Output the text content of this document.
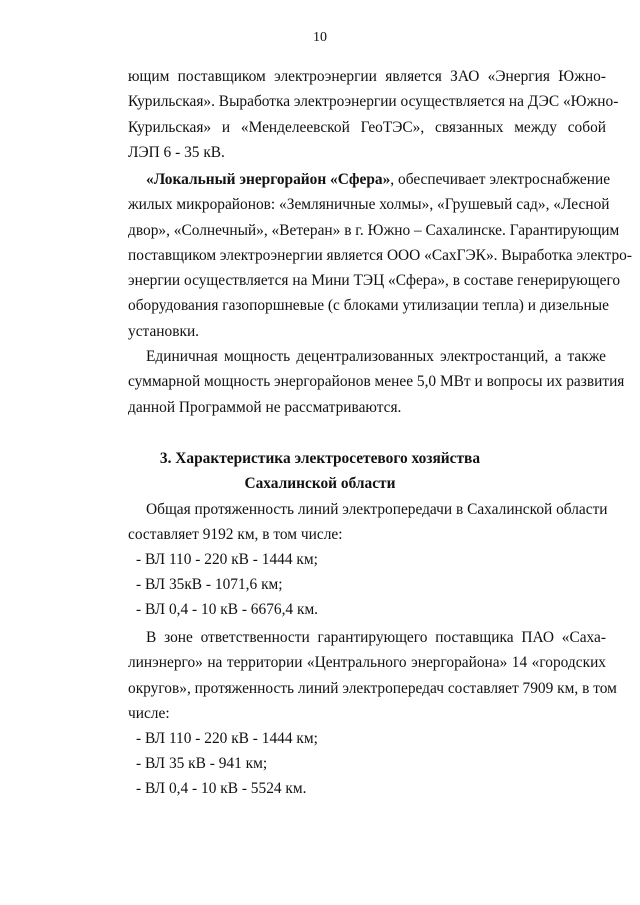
10
ющим поставщиком электроэнергии является ЗАО «Энергия Южно-
Курильская». Выработка электроэнергии осуществляется на ДЭС «Южно-
Курильская» и «Менделеевской ГеоТЭС», связанных между собой
ЛЭП 6 - 35 кВ.
«Локальный энергорайон «Сфера», обеспечивает электроснабжение
жилых микрорайонов: «Земляничные холмы», «Грушевый сад», «Лесной
двор», «Солнечный», «Ветеран» в г. Южно – Сахалинске. Гарантирующим
поставщиком электроэнергии является ООО «СахГЭК». Выработка электро-
энергии осуществляется на Мини ТЭЦ «Сфера», в составе генерирующего
оборудования газопоршневые (с блоками утилизации тепла) и дизельные
установки.
Единичная мощность децентрализованных электростанций, а также
суммарной мощность энергорайонов менее 5,0 МВт и вопросы их развития
данной Программой не рассматриваются.
3. Характеристика электросетевого хозяйства
Сахалинской области
Общая протяженность линий электропередачи в Сахалинской области
составляет 9192 км, в том числе:
- ВЛ 110 - 220 кВ - 1444 км;
- ВЛ 35кВ - 1071,6 км;
- ВЛ 0,4 - 10 кВ - 6676,4 км.
В зоне ответственности гарантирующего поставщика ПАО «Саха-
линэнерго» на территории «Центрального энергорайона» 14 «городских
округов», протяженность линий электропередач составляет 7909 км, в том
числе:
- ВЛ 110 - 220 кВ - 1444 км;
- ВЛ 35 кВ - 941 км;
- ВЛ 0,4 - 10 кВ - 5524 км.
